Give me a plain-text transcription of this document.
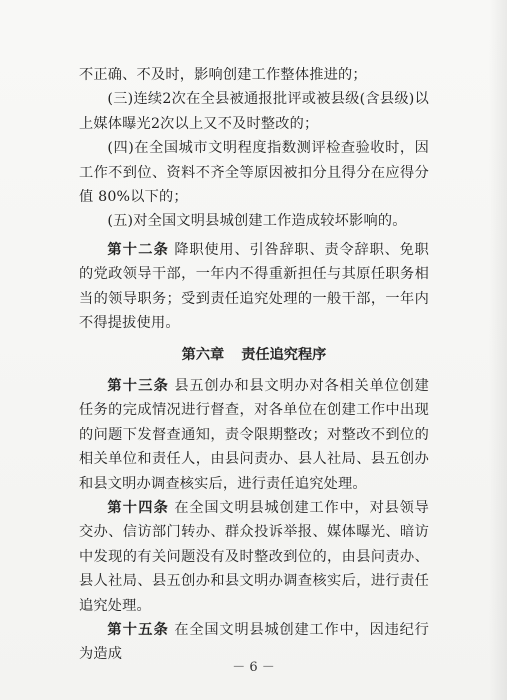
不正确、不及时，影响创建工作整体推进的；

(三)连续2次在全县被通报批评或被县级(含县级)以上媒体曝光2次以上又不及时整改的；

(四)在全国城市文明程度指数测评检查验收时，因工作不到位、资料不齐全等原因被扣分且得分在应得分值 80%以下的；

(五)对全国文明县城创建工作造成较坏影响的。

第十二条 降职使用、引咎辞职、责令辞职、免职的党政领导干部，一年内不得重新担任与其原任职务相当的领导职务；受到责任追究处理的一般干部，一年内不得提拔使用。

第六章 责任追究程序

第十三条 县五创办和县文明办对各相关单位创建任务的完成情况进行督查，对各单位在创建工作中出现的问题下发督查通知，责令限期整改；对整改不到位的相关单位和责任人，由县问责办、县人社局、县五创办和县文明办调查核实后，进行责任追究处理。

第十四条 在全国文明县城创建工作中，对县领导交办、信访部门转办、群众投诉举报、媒体曝光、暗访中发现的有关问题没有及时整改到位的，由县问责办、县人社局、县五创办和县文明办调查核实后，进行责任追究处理。

第十五条 在全国文明县城创建工作中，因违纪行为造成

－ 6 －
